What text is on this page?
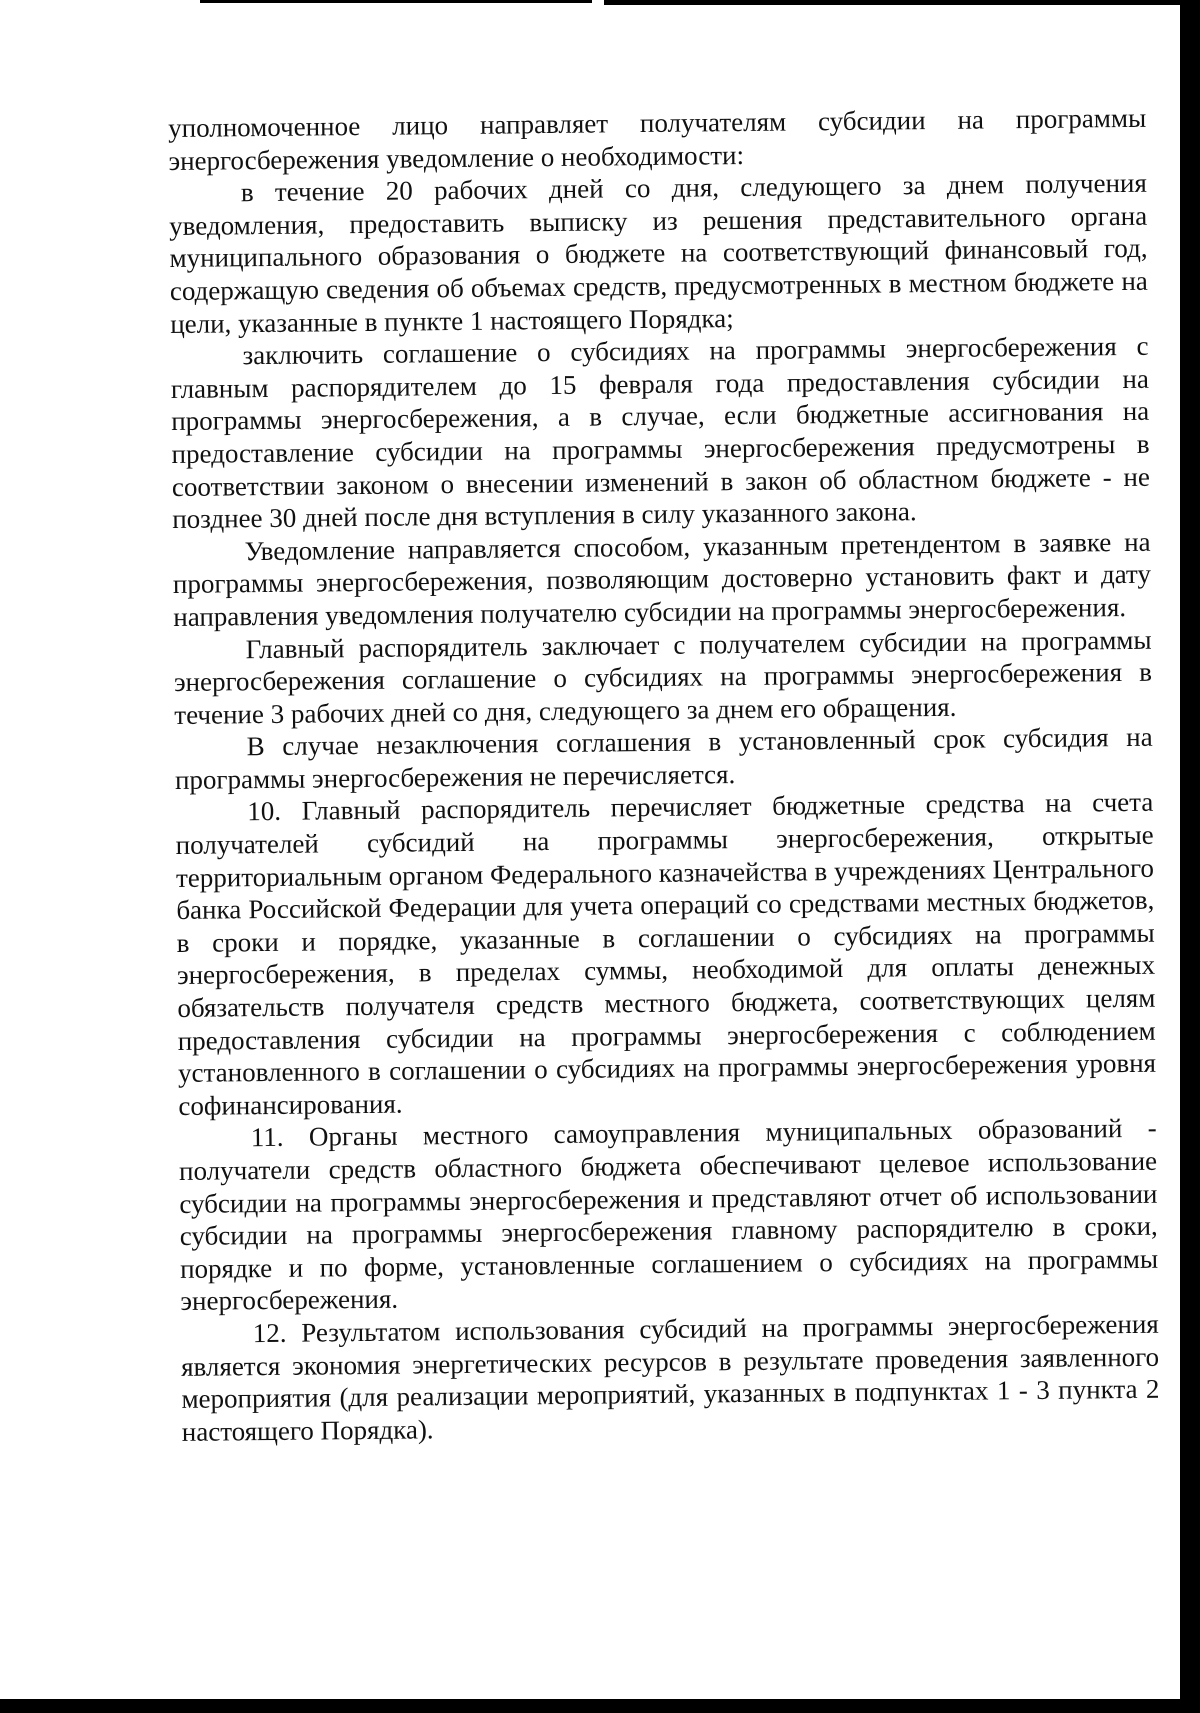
уполномоченное лицо направляет получателям субсидии на программы энергосбережения уведомление о необходимости:

в течение 20 рабочих дней со дня, следующего за днем получения уведомления, предоставить выписку из решения представительного органа муниципального образования о бюджете на соответствующий финансовый год, содержащую сведения об объемах средств, предусмотренных в местном бюджете на цели, указанные в пункте 1 настоящего Порядка;

заключить соглашение о субсидиях на программы энергосбережения с главным распорядителем до 15 февраля года предоставления субсидии на программы энергосбережения, а в случае, если бюджетные ассигнования на предоставление субсидии на программы энергосбережения предусмотрены в соответствии законом о внесении изменений в закон об областном бюджете - не позднее 30 дней после дня вступления в силу указанного закона.

Уведомление направляется способом, указанным претендентом в заявке на программы энергосбережения, позволяющим достоверно установить факт и дату направления уведомления получателю субсидии на программы энергосбережения.

Главный распорядитель заключает с получателем субсидии на программы энергосбережения соглашение о субсидиях на программы энергосбережения в течение 3 рабочих дней со дня, следующего за днем его обращения.

В случае незаключения соглашения в установленный срок субсидия на программы энергосбережения не перечисляется.

10. Главный распорядитель перечисляет бюджетные средства на счета получателей субсидий на программы энергосбережения, открытые территориальным органом Федерального казначейства в учреждениях Центрального банка Российской Федерации для учета операций со средствами местных бюджетов, в сроки и порядке, указанные в соглашении о субсидиях на программы энергосбережения, в пределах суммы, необходимой для оплаты денежных обязательств получателя средств местного бюджета, соответствующих целям предоставления субсидии на программы энергосбережения с соблюдением установленного в соглашении о субсидиях на программы энергосбережения уровня софинансирования.

11. Органы местного самоуправления муниципальных образований - получатели средств областного бюджета обеспечивают целевое использование субсидии на программы энергосбережения и представляют отчет об использовании субсидии на программы энергосбережения главному распорядителю в сроки, порядке и по форме, установленные соглашением о субсидиях на программы энергосбережения.

12. Результатом использования субсидий на программы энергосбережения является экономия энергетических ресурсов в результате проведения заявленного мероприятия (для реализации мероприятий, указанных в подпунктах 1 - 3 пункта 2 настоящего Порядка).
